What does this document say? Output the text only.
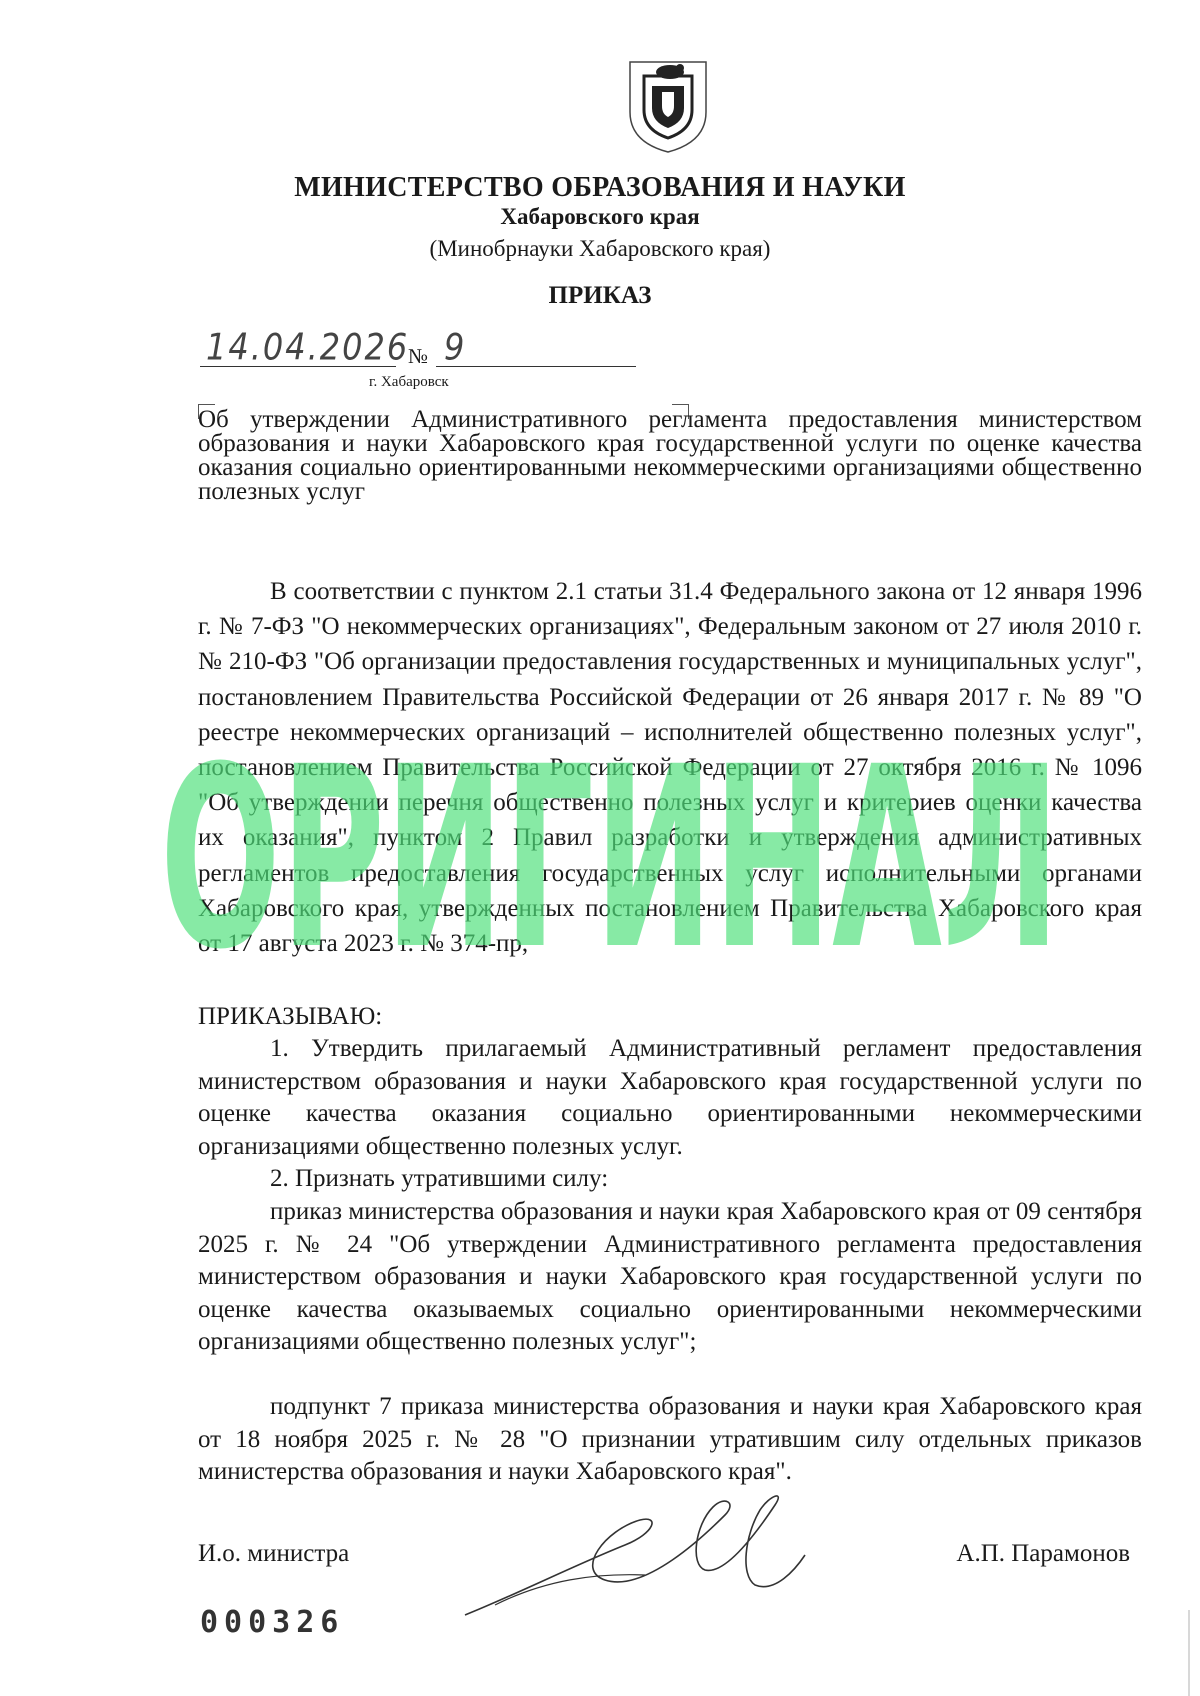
МИНИСТЕРСТВО ОБРАЗОВАНИЯ И НАУКИ
Хабаровского края
(Минобрнауки Хабаровского края)
ПРИКАЗ
14.04.2026
№ 9
г. Хабаровск
Об утверждении Административного регламента предоставления министерством образования и науки Хабаровского края государственной услуги по оценке качества оказания социально ориентированными некоммерческими организациями общественно полезных услуг
В соответствии с пунктом 2.1 статьи 31.4 Федерального закона от 12 января 1996 г. № 7-ФЗ "О некоммерческих организациях", Федеральным законом от 27 июля 2010 г. № 210-ФЗ "Об организации предоставления государственных и муниципальных услуг", постановлением Правительства Российской Федерации от 26 января 2017 г. № 89 "О реестре некоммерческих организаций – исполнителей общественно полезных услуг", постановлением Правительства Российской Федерации от 27 октября 2016 г. № 1096 "Об утверждении перечня общественно полезных услуг и критериев оценки качества их оказания", пунктом 2 Правил разработки и утверждения административных регламентов предоставления государственных услуг исполнительными органами Хабаровского края, утвержденных постановлением Правительства Хабаровского края от 17 августа 2023 г. № 374-пр,
ПРИКАЗЫВАЮ:
1. Утвердить прилагаемый Административный регламент предоставления министерством образования и науки Хабаровского края государственной услуги по оценке качества оказания социально ориентированными некоммерческими организациями общественно полезных услуг.
2. Признать утратившими силу:
приказ министерства образования и науки края Хабаровского края от 09 сентября 2025 г. № 24 "Об утверждении Административного регламента предоставления министерством образования и науки Хабаровского края государственной услуги по оценке качества оказываемых социально ориентированными некоммерческими организациями общественно полезных услуг";
подпункт 7 приказа министерства образования и науки края Хабаровского края от 18 ноября 2025 г. № 28 "О признании утратившим силу отдельных приказов министерства образования и науки Хабаровского края".
ОРИГИНАЛ
И.о. министра	А.П. Парамонов
000326
